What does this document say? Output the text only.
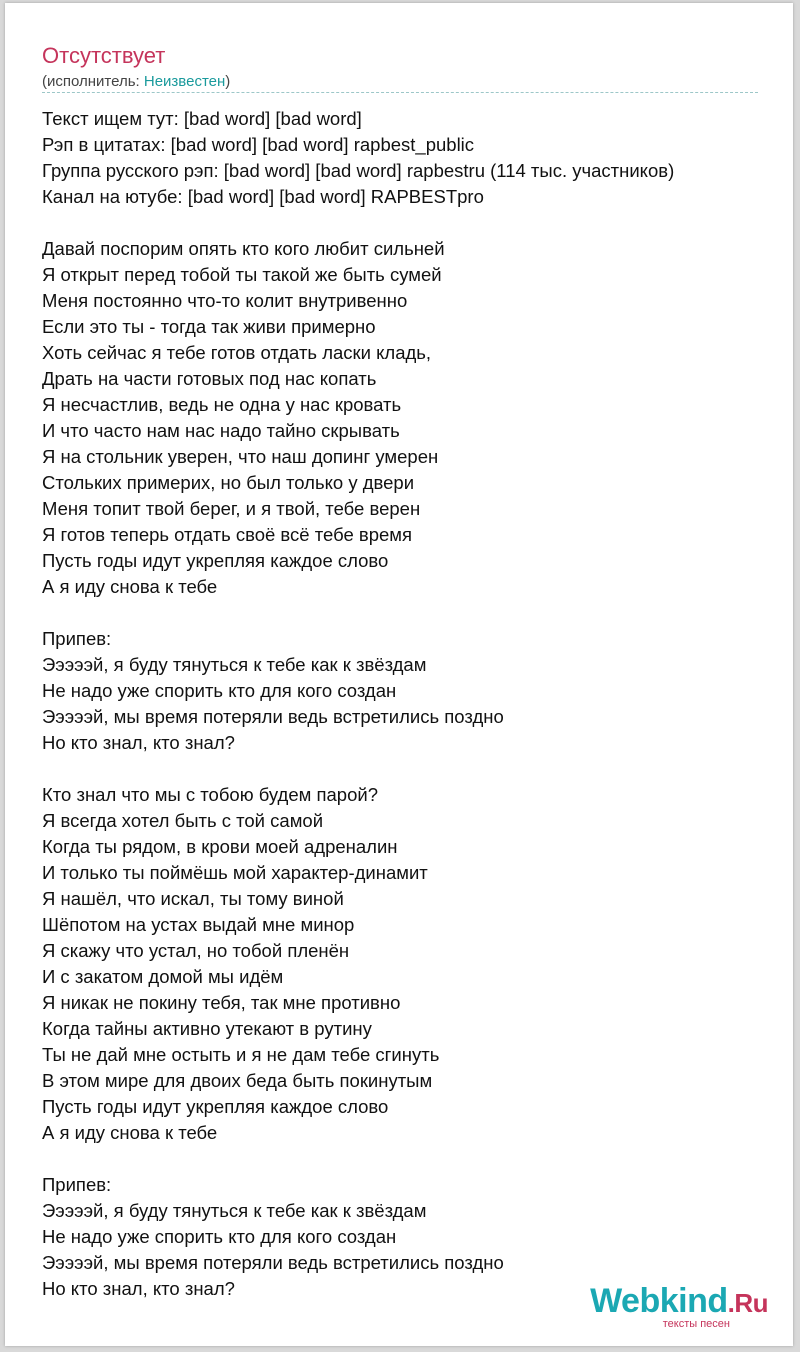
Отсутствует
(исполнитель: Неизвестен)
Текст ищем тут: [bad word] [bad word]
Рэп в цитатах: [bad word] [bad word] rapbest_public
Группа русского рэп: [bad word] [bad word] rapbestru (114 тыс. участников)
Канал на ютубе: [bad word] [bad word] RAPBESTpro
Давай поспорим опять кто кого любит сильней
Я открыт перед тобой ты такой же быть сумей
Меня постоянно что-то колит внутривенно
Если это ты - тогда так живи примерно
Хоть сейчас я тебе готов отдать ласки кладь,
Драть на части готовых под нас копать
Я несчастлив, ведь не одна у нас кровать
И что часто нам нас надо тайно скрывать
Я на стольник уверен, что наш допинг умерен
Стольких примерих, но был только у двери
Меня топит твой берег, и я твой, тебе верен
Я готов теперь отдать своё всё тебе время
Пусть годы идут укрепляя каждое слово
А я иду снова к тебе
Припев:
Эээээй, я буду тянуться к тебе как к звёздам
Не надо уже спорить кто для кого создан
Эээээй, мы время потеряли ведь встретились поздно
Но кто знал, кто знал?
Кто знал что мы с тобою будем парой?
Я всегда хотел быть с той самой
Когда ты рядом, в крови моей адреналин
И только ты поймёшь мой характер-динамит
Я нашёл, что искал, ты тому виной
Шёпотом на устах выдай мне минор
Я скажу что устал, но тобой пленён
И с закатом домой мы идём
Я никак не покину тебя, так мне противно
Когда тайны активно утекают в рутину
Ты не дай мне остыть и я не дам тебе сгинуть
В этом мире для двоих беда быть покинутым
Пусть годы идут укрепляя каждое слово
А я иду снова к тебе
Припев:
Эээээй, я буду тянуться к тебе как к звёздам
Не надо уже спорить кто для кого создан
Эээээй, мы время потеряли ведь встретились поздно
Но кто знал, кто знал?	Webkind.Ru
тексты песен
